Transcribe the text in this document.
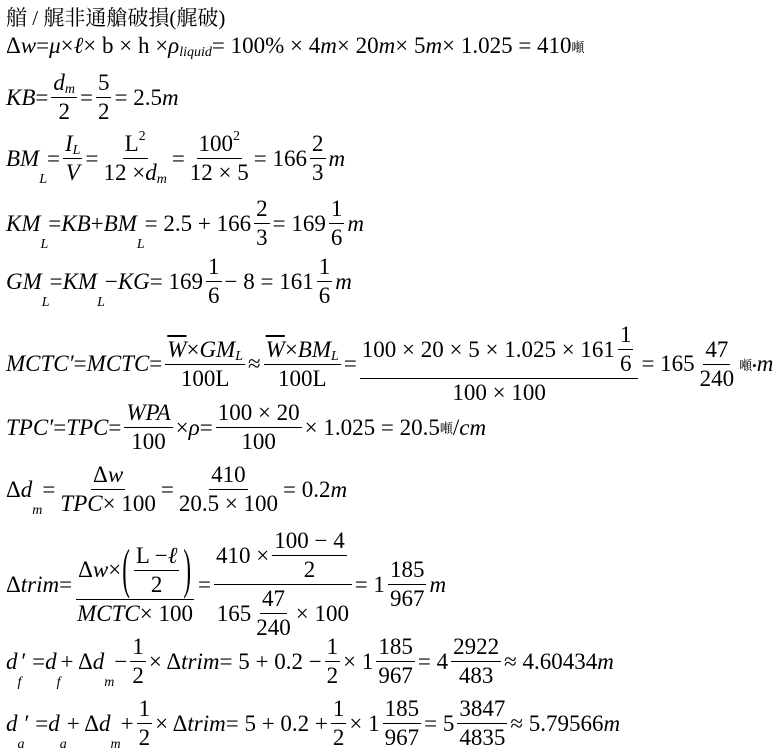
艏 / 艉非通艙破損(艉破)
Δ w = μ × ℓ × b × h × ρ liquid = 100% × 4 m × 20 m × 5 m × 1.025 = 410 噸
KB = $\frac{\text{d m}}{2} = \frac{5}{2} = 2.5$ m
BM
L
= $\frac{\text{I L}}{V} = \frac{L 2}{\text{12 × d m}} = \frac{100 2}{12 \times 5} = 166 \frac{2}{3}$ m
KM
L
= KB + BM
L
= $2.5 + 166 \frac{2}{3} = 169 \frac{1}{6}$ m
GM
L
= KM
L
− KG = $169 \frac{1}{6} - 8 = 161 \frac{1}{6}$ m
MCTC′ = MCTC = $\frac{\overline{W} \times GM L}{100L} \approx \frac{\overline{W} \times BM L}{100L} = \frac{100 \times 20 \times 5 \times 1.025 \times 161 \frac{1}{6}}{100 \times 100} = 165 \frac{47}{240}$ 噸• m
TPC′ = TPC = $\frac{\text{WPA}}{100} \times \rho = \frac{100 \times 20}{100} \times 1.025 = 20.5$ 噸 / cm
Δ d
m
= $\frac{\text{Δ w}}{\text{TPC × 100}} = \frac{410}{20.5 \times 100} = 0.2$ m
Δ trim = $\frac{\Delta w \times ( \frac{\text{L − ℓ}}{2} )}{\text{MCTC × 100}} = \frac{410 \times \frac{100 - 4}{2}}{165 \frac{47}{240} \times 100} = 1 \frac{185}{967}$ m
d
f
′ = d
f
+ Δ d
m
− $\frac{1}{2} \times \Delta$ trim = $5 + 0.2 - \frac{1}{2} \times 1 \frac{185}{967} = 4 \frac{2922}{483} \approx 4.60434$ m
d
a
′ = d
a
+ Δ d
m
+ $\frac{1}{2} \times \Delta$ trim = $5 + 0.2 + \frac{1}{2} \times 1 \frac{185}{967} = 5 \frac{3847}{4835} \approx 5.79566$ m
